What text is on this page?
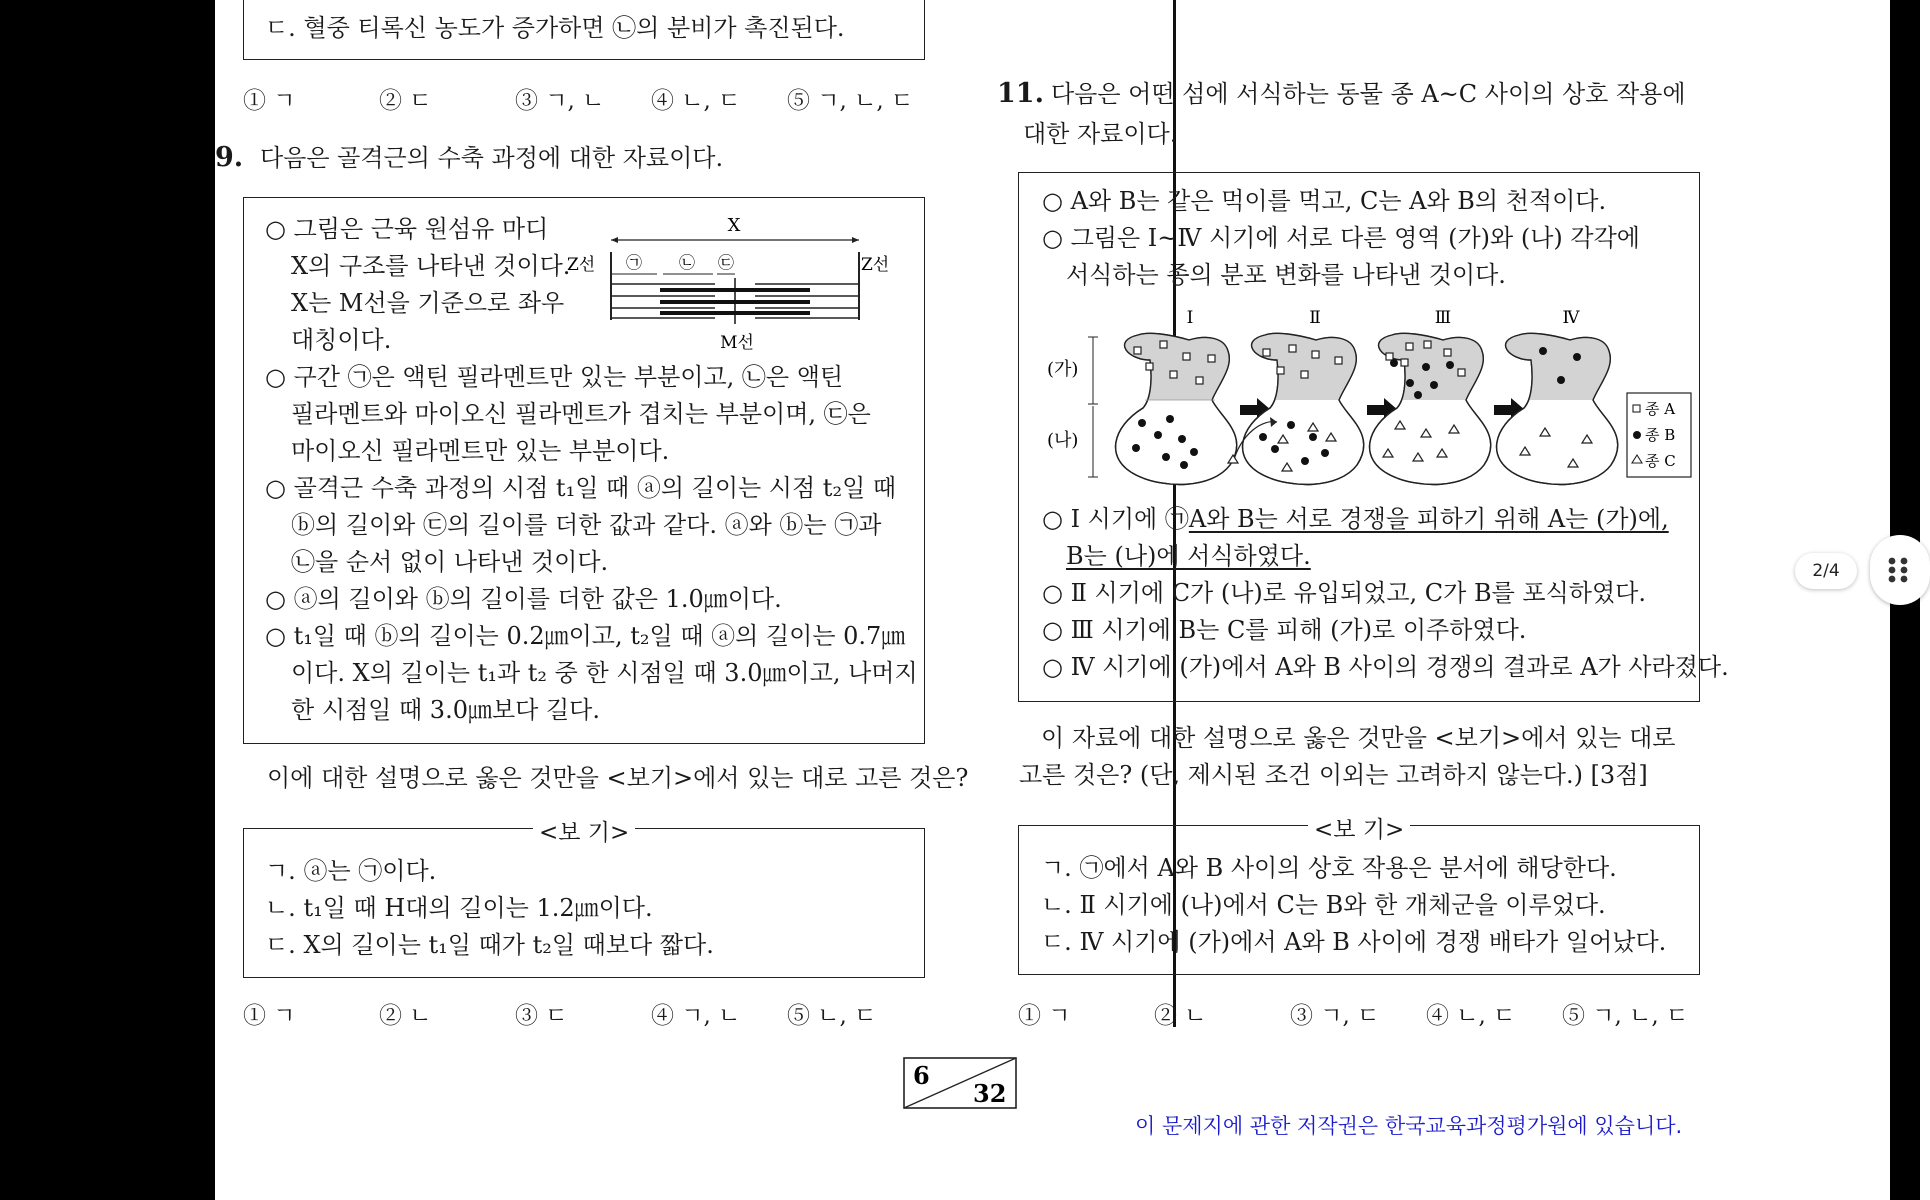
ㄷ. 혈중 티록신 농도가 증가하면 ㉡의 분비가 촉진된다.
① ㄱ	② ㄷ	③ ㄱ, ㄴ ④ ㄴ, ㄷ ⑤ ㄱ, ㄴ, ㄷ
9. 다음은 골격근의 수축 과정에 대한 자료이다.
○ 그림은 근육 원섬유 마디
X의 구조를 나타낸 것이다.
X는 M선을 기준으로 좌우
대칭이다.
○ 구간 ㉠은 액틴 필라멘트만 있는 부분이고, ㉡은 액틴
필라멘트와 마이오신 필라멘트가 겹치는 부분이며, ㉢은
마이오신 필라멘트만 있는 부분이다.
○ 골격근 수축 과정의 시점 t₁일 때 ⓐ의 길이는 시점 t₂일 때
ⓑ의 길이와 ㉢의 길이를 더한 값과 같다. ⓐ와 ⓑ는 ㉠과
㉡을 순서 없이 나타낸 것이다.
○ ⓐ의 길이와 ⓑ의 길이를 더한 값은 1.0㎛이다.
○ t₁일 때 ⓑ의 길이는 0.2㎛이고, t₂일 때 ⓐ의 길이는 0.7㎛
이다. X의 길이는 t₁과 t₂ 중 한 시점일 때 3.0㎛이고, 나머지
한 시점일 때 3.0㎛보다 길다.
X
Z선	Z선
㉠ ㉡ ㉢
M선
이에 대한 설명으로 옳은 것만을 <보기>에서 있는 대로 고른 것은?
<보 기>
ㄱ. ⓐ는 ㉠이다.
ㄴ. t₁일 때 H대의 길이는 1.2㎛이다.
ㄷ. X의 길이는 t₁일 때가 t₂일 때보다 짧다.
① ㄱ	② ㄴ	③ ㄷ	④ ㄱ, ㄴ ⑤ ㄴ, ㄷ
11. 다음은 어떤 섬에 서식하는 동물 종 A~C 사이의 상호 작용에
대한 자료이다.
○ A와 B는 같은 먹이를 먹고, C는 A와 B의 천적이다.
○ 그림은 Ⅰ~Ⅳ 시기에 서로 다른 영역 (가)와 (나) 각각에
서식하는 종의 분포 변화를 나타낸 것이다.
(가)
(나)
Ⅰ	Ⅱ	Ⅲ	Ⅳ
종 A
종 B
종 C
○ Ⅰ 시기에 ㉠A와 B는 서로 경쟁을 피하기 위해 A는 (가)에,
B는 (나)에 서식하였다.
○ Ⅱ 시기에 C가 (나)로 유입되었고, C가 B를 포식하였다.
○ Ⅲ 시기에 B는 C를 피해 (가)로 이주하였다.
○ Ⅳ 시기에 (가)에서 A와 B 사이의 경쟁의 결과로 A가 사라졌다.
이 자료에 대한 설명으로 옳은 것만을 <보기>에서 있는 대로
고른 것은? (단, 제시된 조건 이외는 고려하지 않는다.) [3점]
<보 기>
ㄱ. ㉠에서 A와 B 사이의 상호 작용은 분서에 해당한다.
ㄴ. Ⅱ 시기에 (나)에서 C는 B와 한 개체군을 이루었다.
ㄷ. Ⅳ 시기에 (가)에서 A와 B 사이에 경쟁 배타가 일어났다.
① ㄱ	② ㄴ	③ ㄱ, ㄷ ④ ㄴ, ㄷ ⑤ ㄱ, ㄴ, ㄷ
6
32
이 문제지에 관한 저작권은 한국교육과정평가원에 있습니다.
2/4
